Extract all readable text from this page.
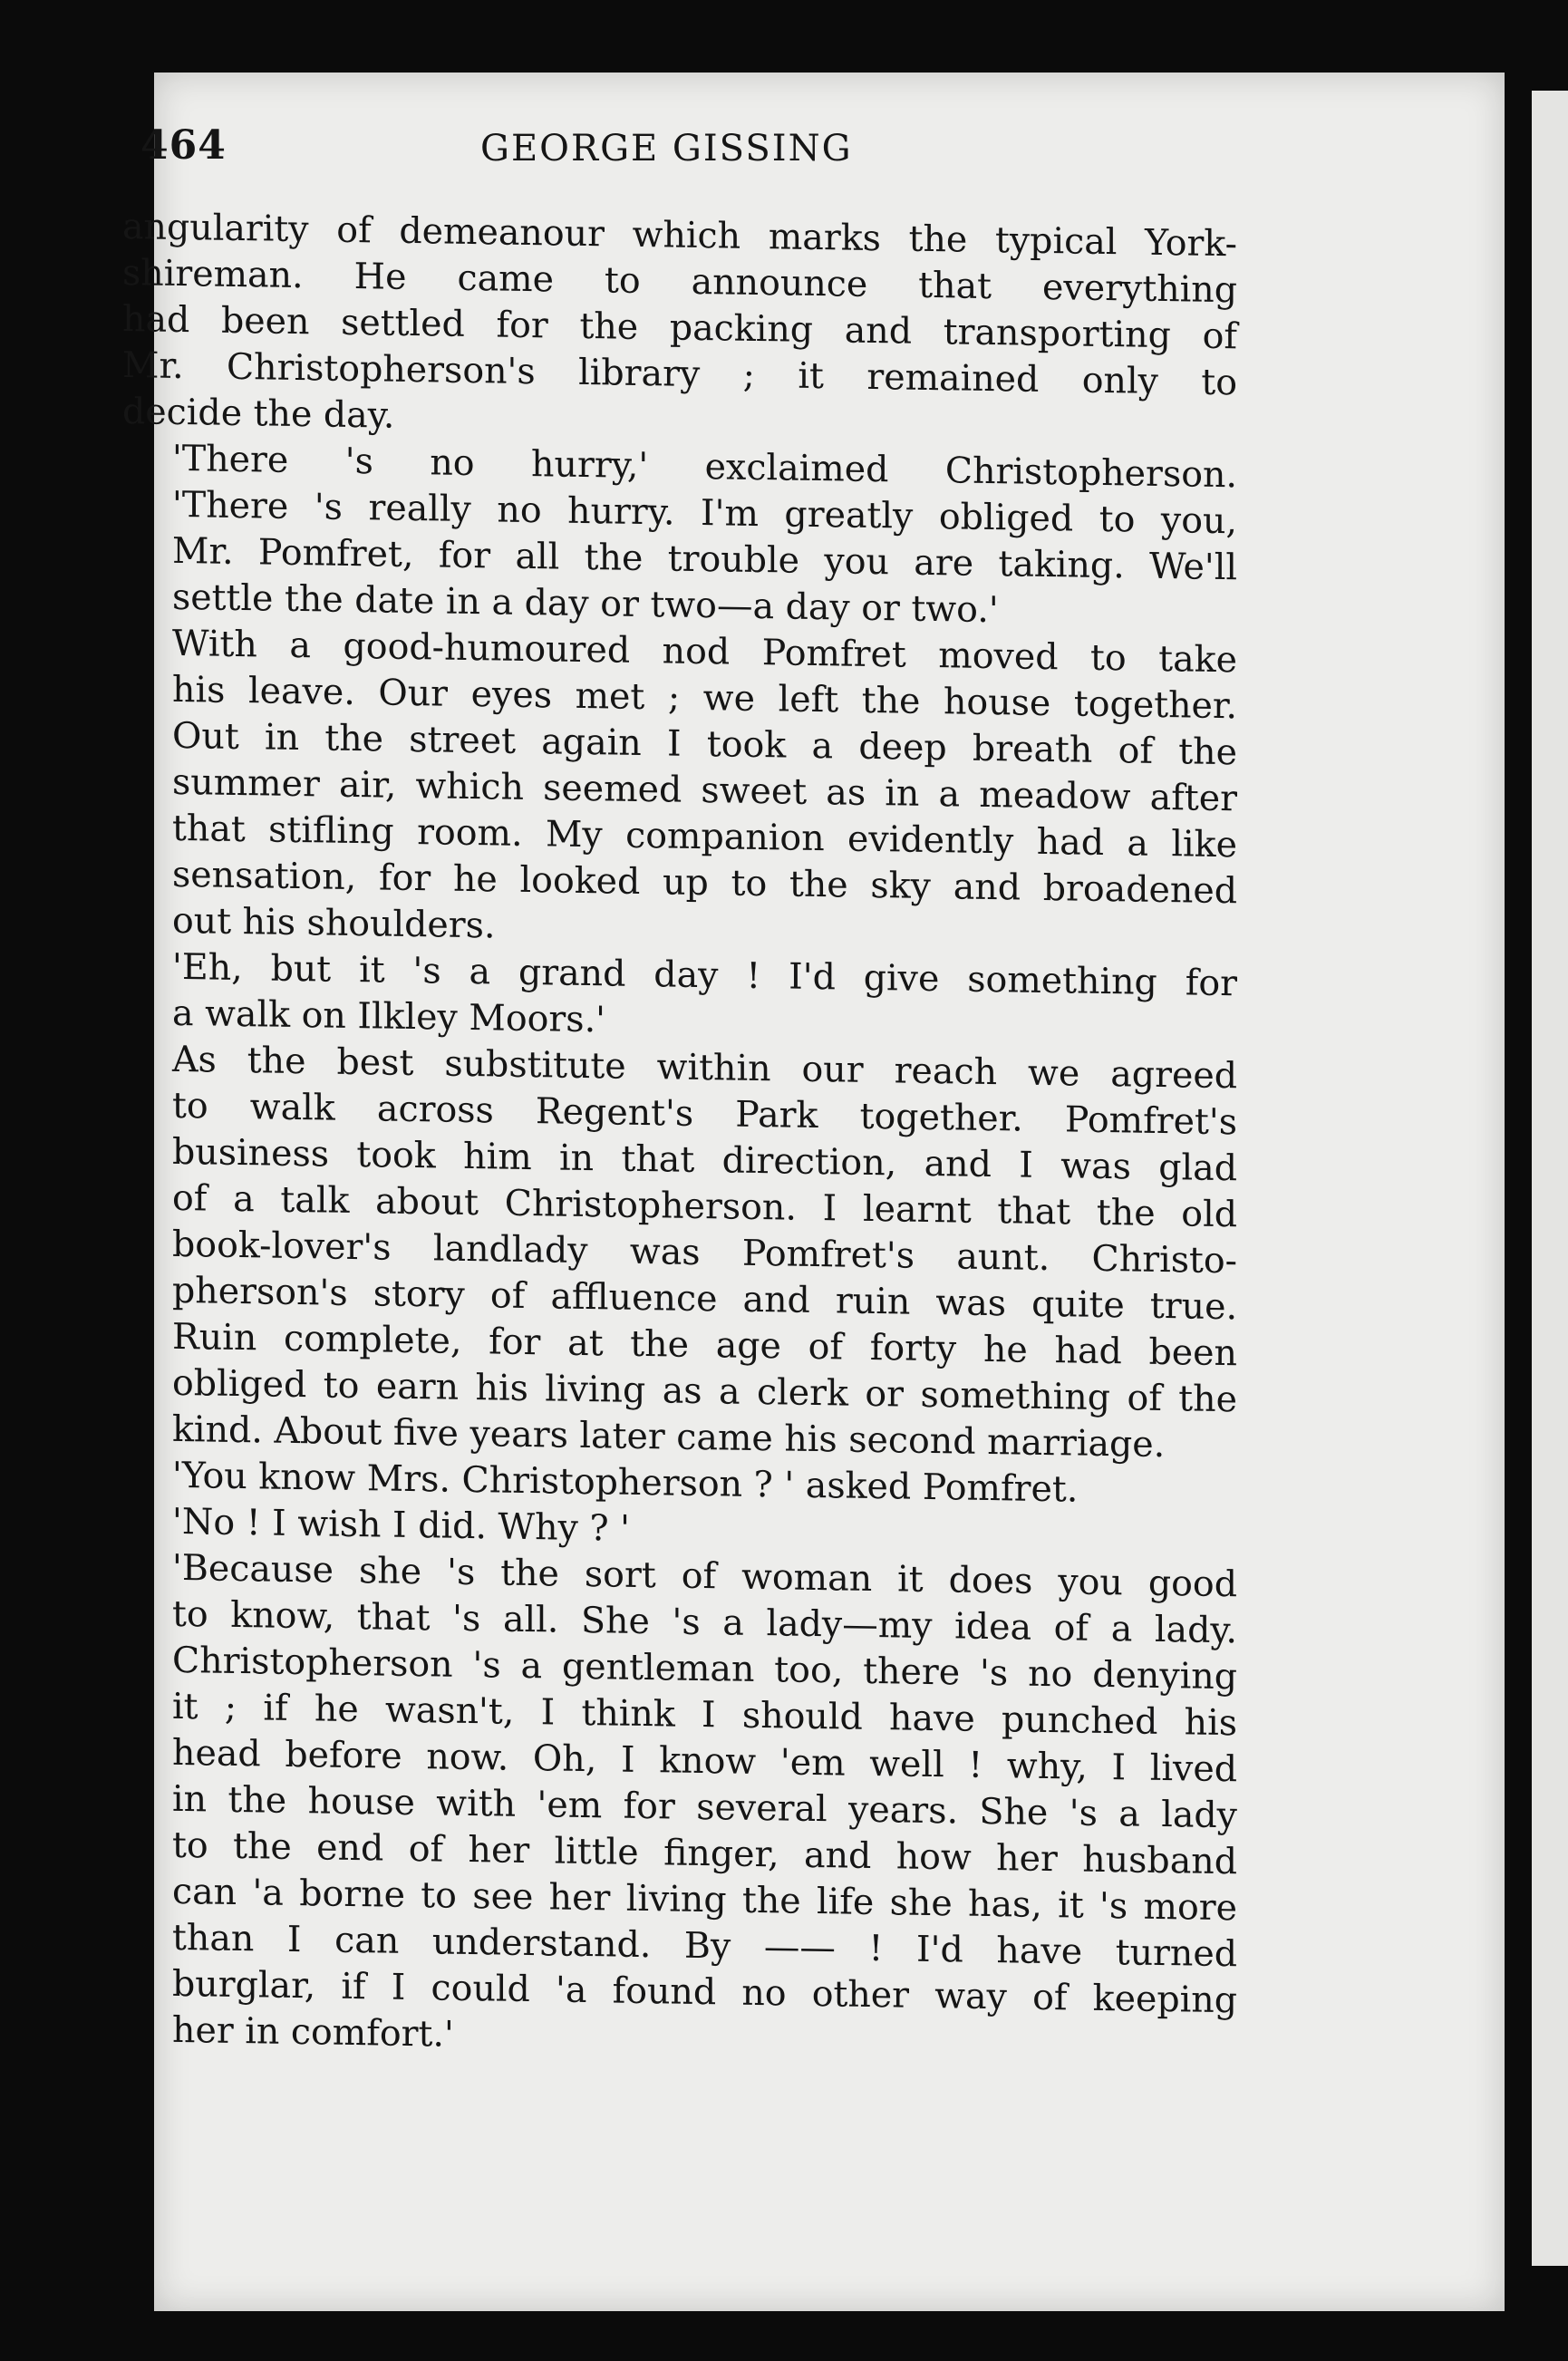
464	GEORGE GISSING

angularity of demeanour which marks the typical York-
shireman. He came to announce that everything
had been settled for the packing and transporting of
Mr. Christopherson's library ; it remained only to
decide the day.

'There 's no hurry,' exclaimed Christopherson.
'There 's really no hurry. I'm greatly obliged to you,
Mr. Pomfret, for all the trouble you are taking. We'll
settle the date in a day or two—a day or two.'

With a good-humoured nod Pomfret moved to take
his leave. Our eyes met ; we left the house together.
Out in the street again I took a deep breath of the
summer air, which seemed sweet as in a meadow after
that stifling room. My companion evidently had a like
sensation, for he looked up to the sky and broadened
out his shoulders.

'Eh, but it 's a grand day ! I'd give something for
a walk on Ilkley Moors.'

As the best substitute within our reach we agreed
to walk across Regent's Park together. Pomfret's
business took him in that direction, and I was glad
of a talk about Christopherson. I learnt that the old
book-lover's landlady was Pomfret's aunt. Christo-
pherson's story of affluence and ruin was quite true.
Ruin complete, for at the age of forty he had been
obliged to earn his living as a clerk or something of the
kind. About five years later came his second marriage.

'You know Mrs. Christopherson ? ' asked Pomfret.

'No ! I wish I did. Why ? '

'Because she 's the sort of woman it does you good
to know, that 's all. She 's a lady—my idea of a lady.
Christopherson 's a gentleman too, there 's no denying
it ; if he wasn't, I think I should have punched his
head before now. Oh, I know 'em well ! why, I lived
in the house with 'em for several years. She 's a lady
to the end of her little finger, and how her husband
can 'a borne to see her living the life she has, it 's more
than I can understand. By —— ! I'd have turned
burglar, if I could 'a found no other way of keeping
her in comfort.'
